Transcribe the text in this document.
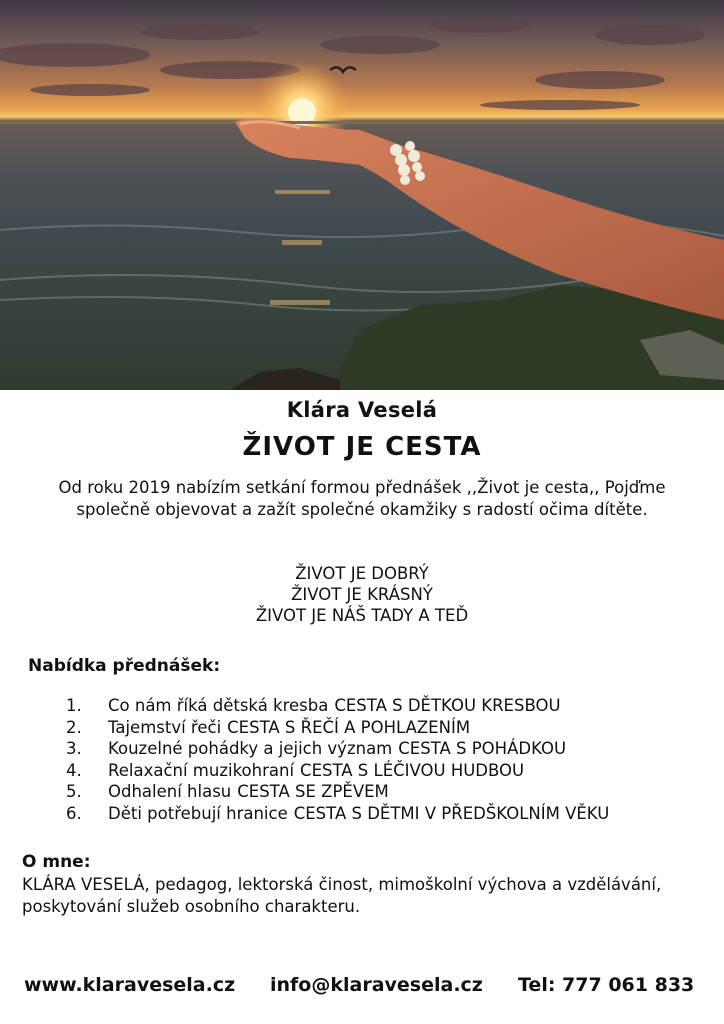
Klára Veselá
ŽIVOT JE CESTA
Od roku 2019 nabízím setkání formou přednášek ,,Život je cesta,, Pojďme společně objevovat a zažít společné okamžiky s radostí očima dítěte.
ŽIVOT JE DOBRÝ
ŽIVOT JE KRÁSNÝ
ŽIVOT JE NÁŠ TADY A TEĎ
Nabídka přednášek:
1.	Co nám říká dětská kresba CESTA S DĚTKOU KRESBOU
2.	Tajemství řeči CESTA S ŘEČÍ A POHLAZENÍM
3.	Kouzelné pohádky a jejich význam CESTA S POHÁDKOU
4.	Relaxační muzikohraní CESTA S LÉČIVOU HUDBOU
5.	Odhalení hlasu CESTA SE ZPĚVEM
6.	Děti potřebují hranice CESTA S DĚTMI V PŘEDŠKOLNÍM VĚKU
O mne:
KLÁRA VESELÁ, pedagog, lektorská činost, mimoškolní výchova a vzdělávání, poskytování služeb osobního charakteru.
www.klaravesela.cz info@klaravesela.cz Tel: 777 061 833
